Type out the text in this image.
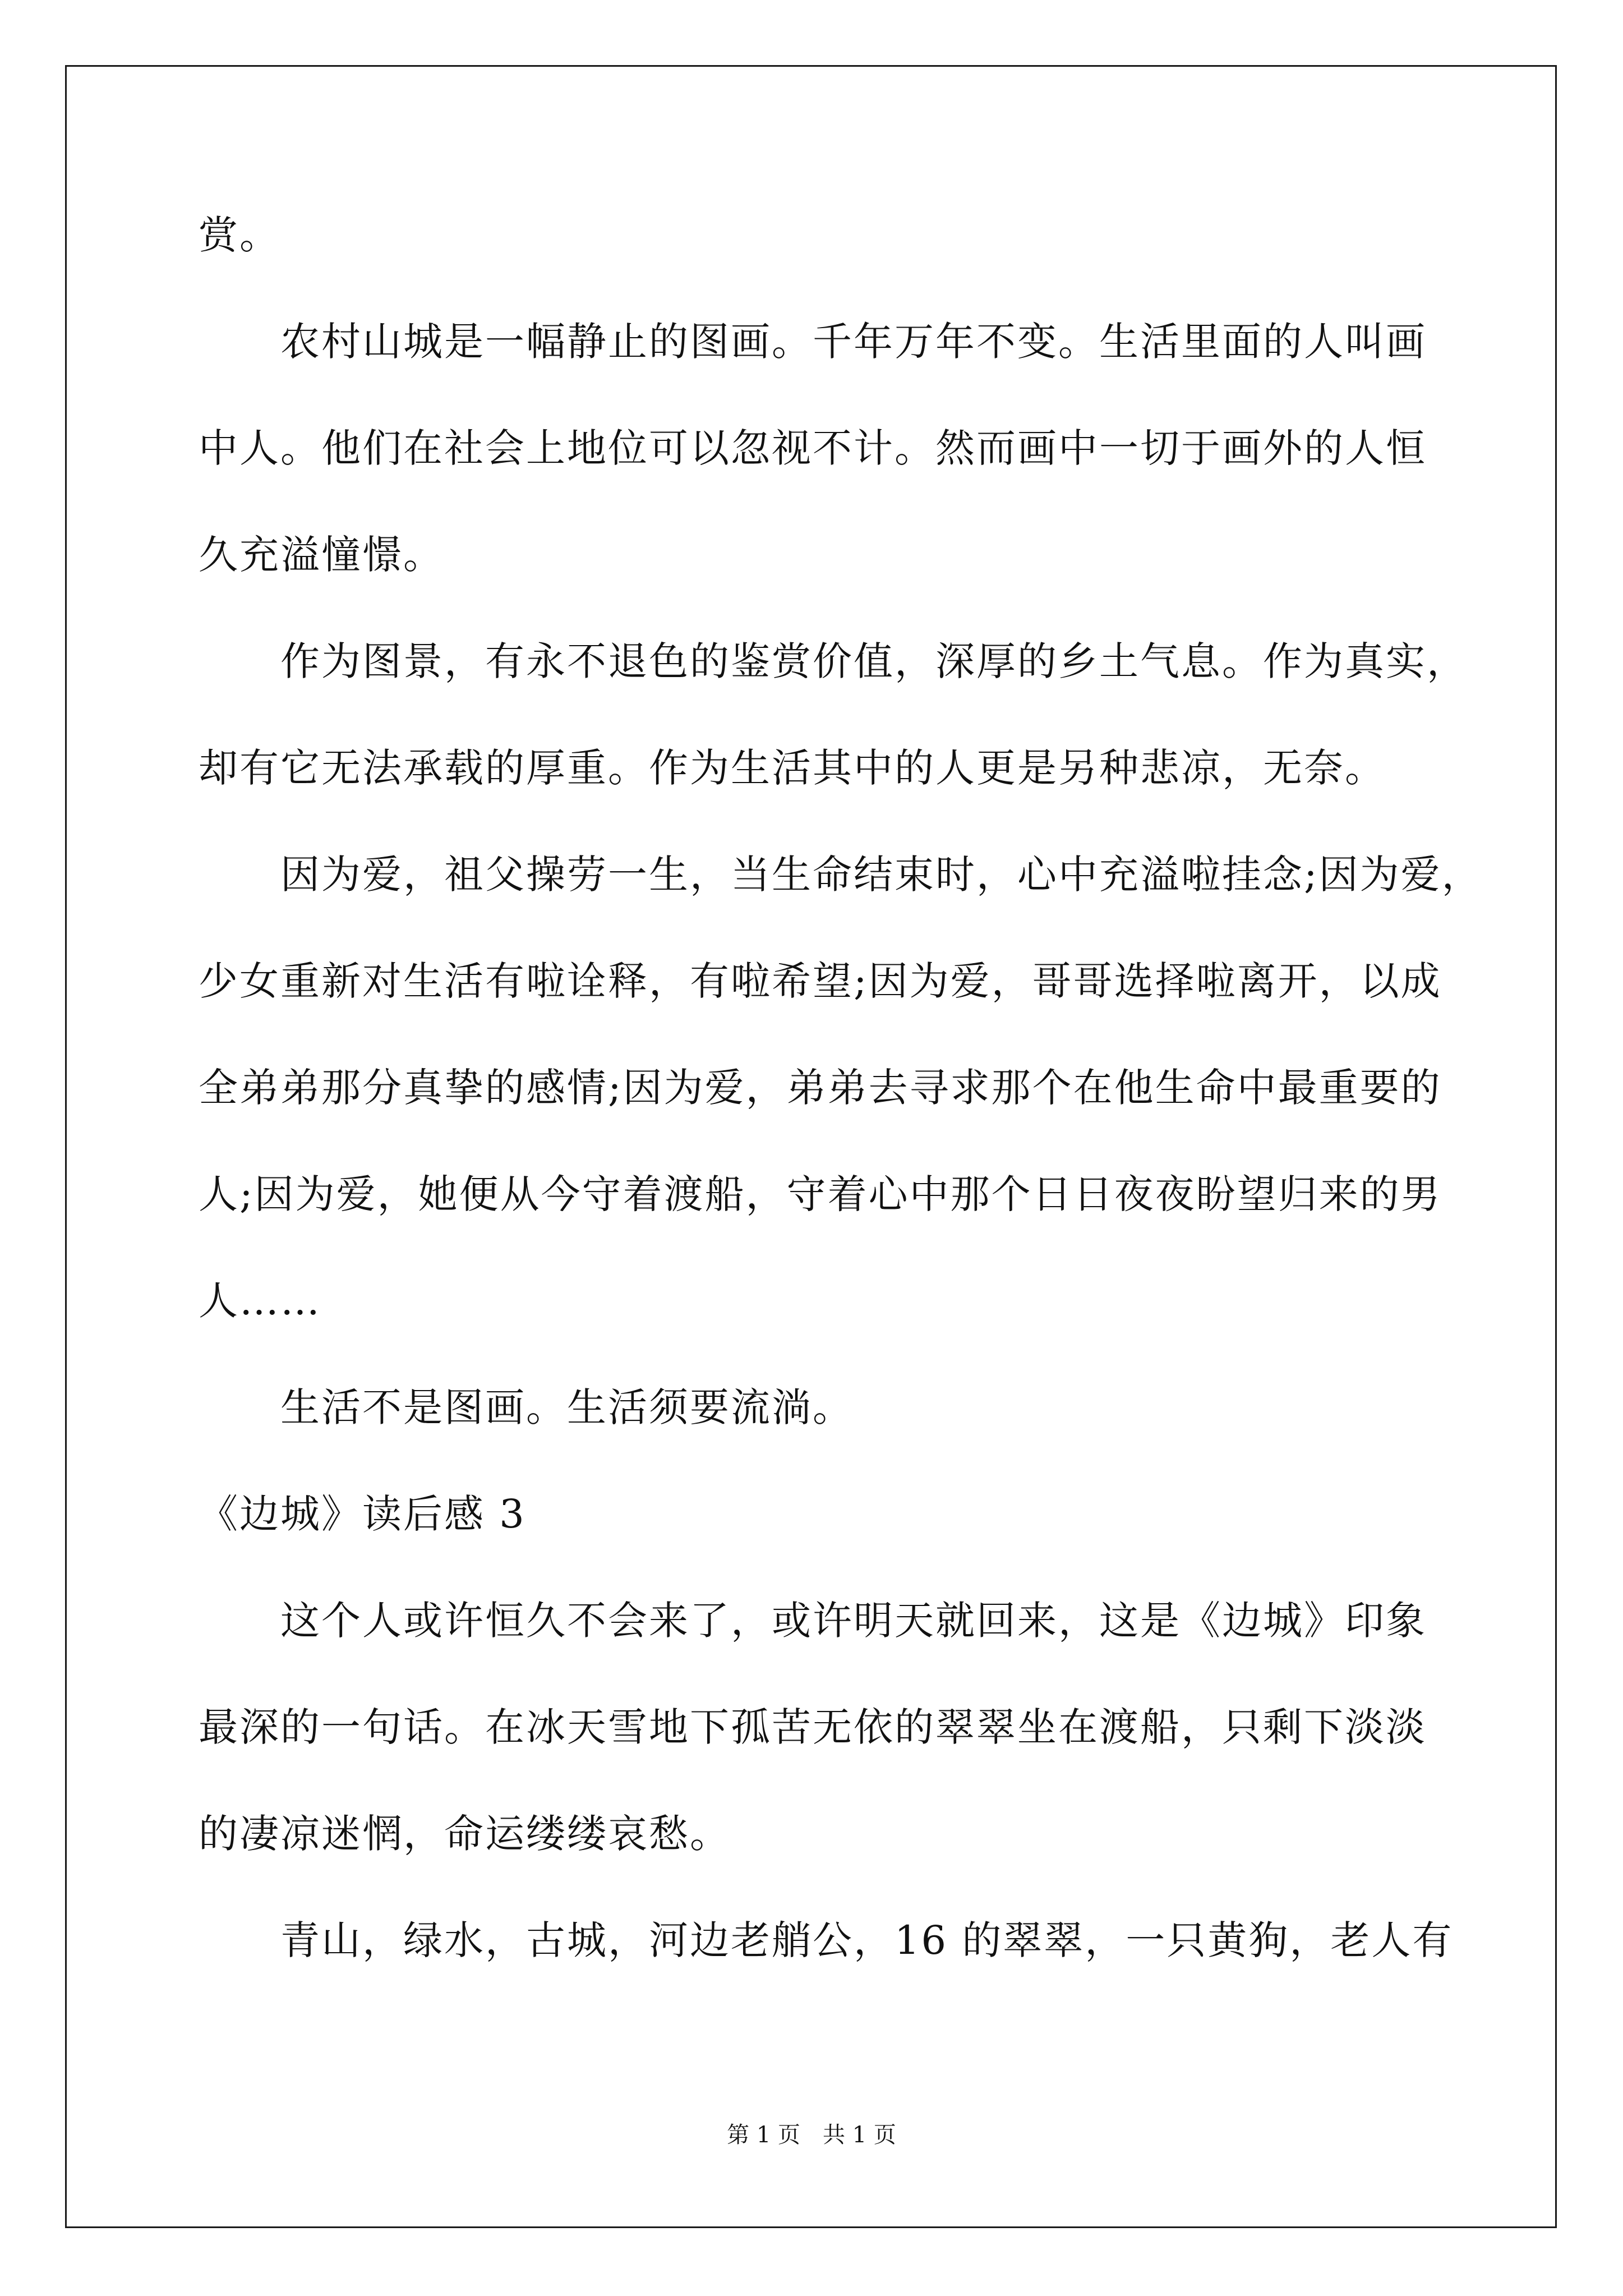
赏。
农村山城是一幅静止的图画。千年万年不变。生活里面的人叫画
中人。他们在社会上地位可以忽视不计。然而画中一切于画外的人恒
久充溢憧憬。
作为图景，有永不退色的鉴赏价值，深厚的乡土气息。作为真实，
却有它无法承载的厚重。作为生活其中的人更是另种悲凉，无奈。
因为爱，祖父操劳一生，当生命结束时，心中充溢啦挂念;因为爱，
少女重新对生活有啦诠释，有啦希望;因为爱，哥哥选择啦离开，以成
全弟弟那分真挚的感情;因为爱，弟弟去寻求那个在他生命中最重要的
人;因为爱，她便从今守着渡船，守着心中那个日日夜夜盼望归来的男
人……
生活不是图画。生活须要流淌。
《边城》读后感 3
这个人或许恒久不会来了，或许明天就回来，这是《边城》印象
最深的一句话。在冰天雪地下孤苦无依的翠翠坐在渡船，只剩下淡淡
的凄凉迷惘，命运缕缕哀愁。
青山，绿水，古城，河边老艄公，16 的翠翠，一只黄狗，老人有
第 1 页 共 1 页
